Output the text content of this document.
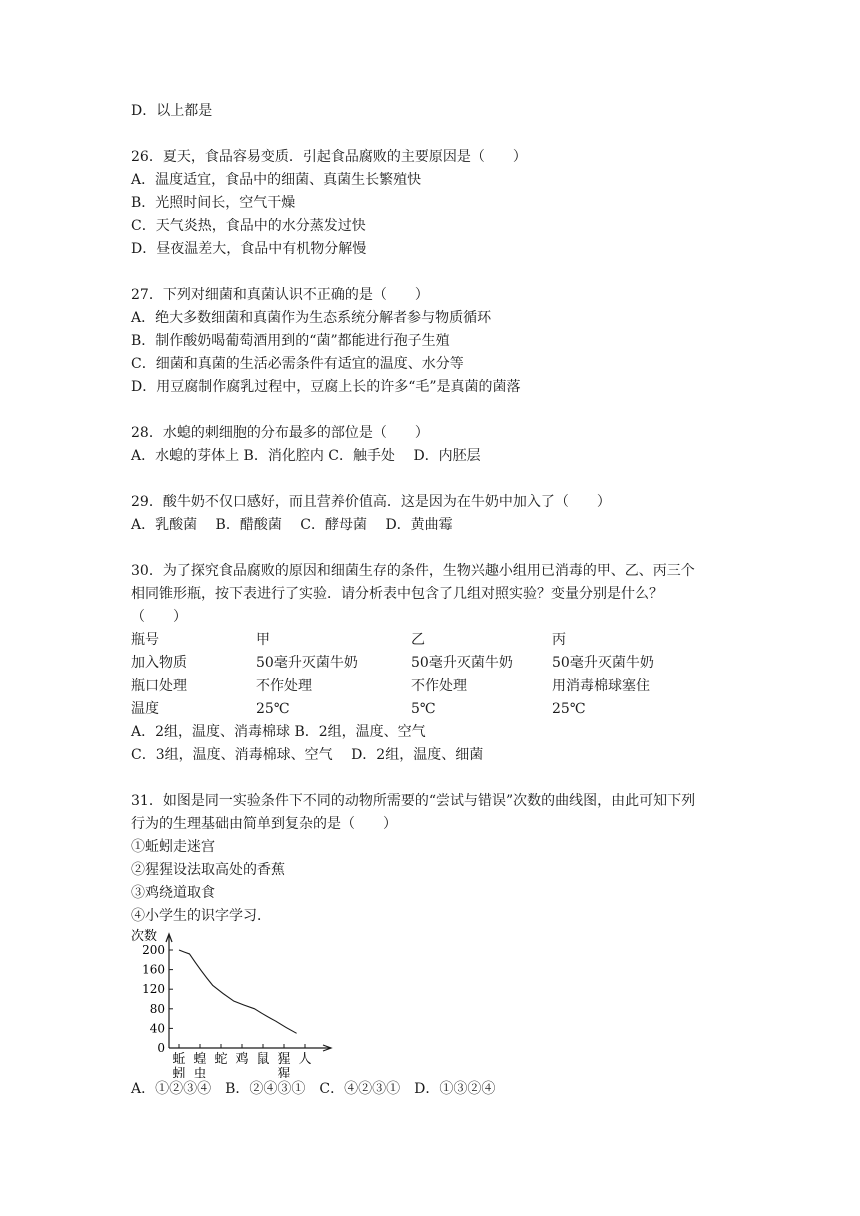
D．以上都是
26．夏天，食品容易变质．引起食品腐败的主要原因是（　　）
A．温度适宜，食品中的细菌、真菌生长繁殖快
B．光照时间长，空气干燥
C．天气炎热，食品中的水分蒸发过快
D．昼夜温差大，食品中有机物分解慢
27．下列对细菌和真菌认识不正确的是（　　）
A．绝大多数细菌和真菌作为生态系统分解者参与物质循环
B．制作酸奶喝葡萄酒用到的“菌”都能进行孢子生殖
C．细菌和真菌的生活必需条件有适宜的温度、水分等
D．用豆腐制作腐乳过程中，豆腐上长的许多“毛”是真菌的菌落
28．水螅的刺细胞的分布最多的部位是（　　）
A．水螅的芽体上 B．消化腔内 C．触手处　 D．内胚层
29．酸牛奶不仅口感好，而且营养价值高．这是因为在牛奶中加入了（　　）
A．乳酸菌　 B．醋酸菌　 C．酵母菌　 D．黄曲霉
30．为了探究食品腐败的原因和细菌生存的条件，生物兴趣小组用已消毒的甲、乙、丙三个
相同锥形瓶，按下表进行了实验．请分析表中包含了几组对照实验？变量分别是什么？
（　　）
瓶号	甲	乙	丙
加入物质	50毫升灭菌牛奶	50毫升灭菌牛奶	50毫升灭菌牛奶
瓶口处理	不作处理	不作处理	用消毒棉球塞住
温度	25℃	5℃	25℃
A．2组，温度、消毒棉球 B．2组，温度、空气
C．3组，温度、消毒棉球、空气　 D．2组，温度、细菌
31．如图是同一实验条件下不同的动物所需要的“尝试与错误”次数的曲线图，由此可知下列
行为的生理基础由简单到复杂的是（　　）
①蚯蚓走迷宫
②猩猩设法取高处的香蕉
③鸡绕道取食
④小学生的识字学习．
0
40
80
120
160
200
蚯
蚓
蝗
虫
蛇 鸡 鼠 猩
猩
人
次数
A．①②③④　B．②④③①　C．④②③①　D．①③②④
